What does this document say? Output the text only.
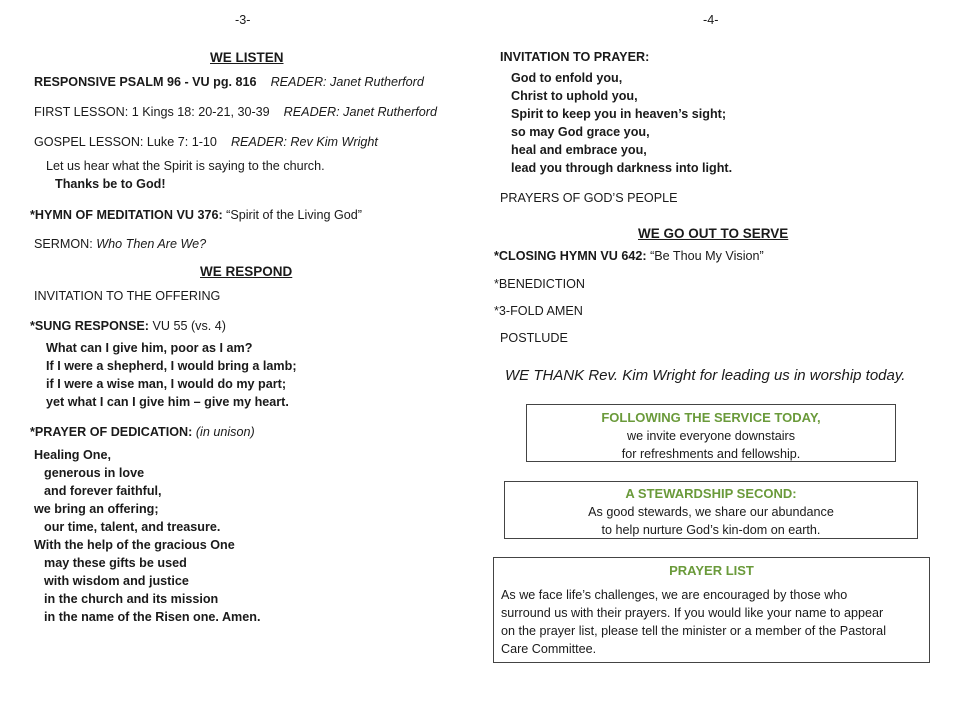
-3-
WE LISTEN
RESPONSIVE PSALM 96 - VU pg. 816 READER: Janet Rutherford
FIRST LESSON: 1 Kings 18: 20-21, 30-39 READER: Janet Rutherford
GOSPEL LESSON: Luke 7: 1-10 READER: Rev Kim Wright
Let us hear what the Spirit is saying to the church.
Thanks be to God!
*HYMN OF MEDITATION VU 376: “Spirit of the Living God”
SERMON: Who Then Are We?
WE RESPOND
INVITATION TO THE OFFERING
*SUNG RESPONSE: VU 55 (vs. 4)
What can I give him, poor as I am?
If I were a shepherd, I would bring a lamb;
if I were a wise man, I would do my part;
yet what I can I give him – give my heart.
*PRAYER OF DEDICATION: (in unison)
Healing One,
generous in love
and forever faithful,
we bring an offering;
our time, talent, and treasure.
With the help of the gracious One
may these gifts be used
with wisdom and justice
in the church and its mission
in the name of the Risen one. Amen.
-4-
INVITATION TO PRAYER:
God to enfold you,
Christ to uphold you,
Spirit to keep you in heaven’s sight;
so may God grace you,
heal and embrace you,
lead you through darkness into light.
PRAYERS OF GOD’S PEOPLE
WE GO OUT TO SERVE
*CLOSING HYMN VU 642: “Be Thou My Vision”
*BENEDICTION
*3-FOLD AMEN
POSTLUDE
WE THANK Rev. Kim Wright for leading us in worship today.
FOLLOWING THE SERVICE TODAY,
we invite everyone downstairs
for refreshments and fellowship.
A STEWARDSHIP SECOND:
As good stewards, we share our abundance
to help nurture God’s kin-dom on earth.
PRAYER LIST
As we face life’s challenges, we are encouraged by those who
surround us with their prayers. If you would like your name to appear
on the prayer list, please tell the minister or a member of the Pastoral
Care Committee.
